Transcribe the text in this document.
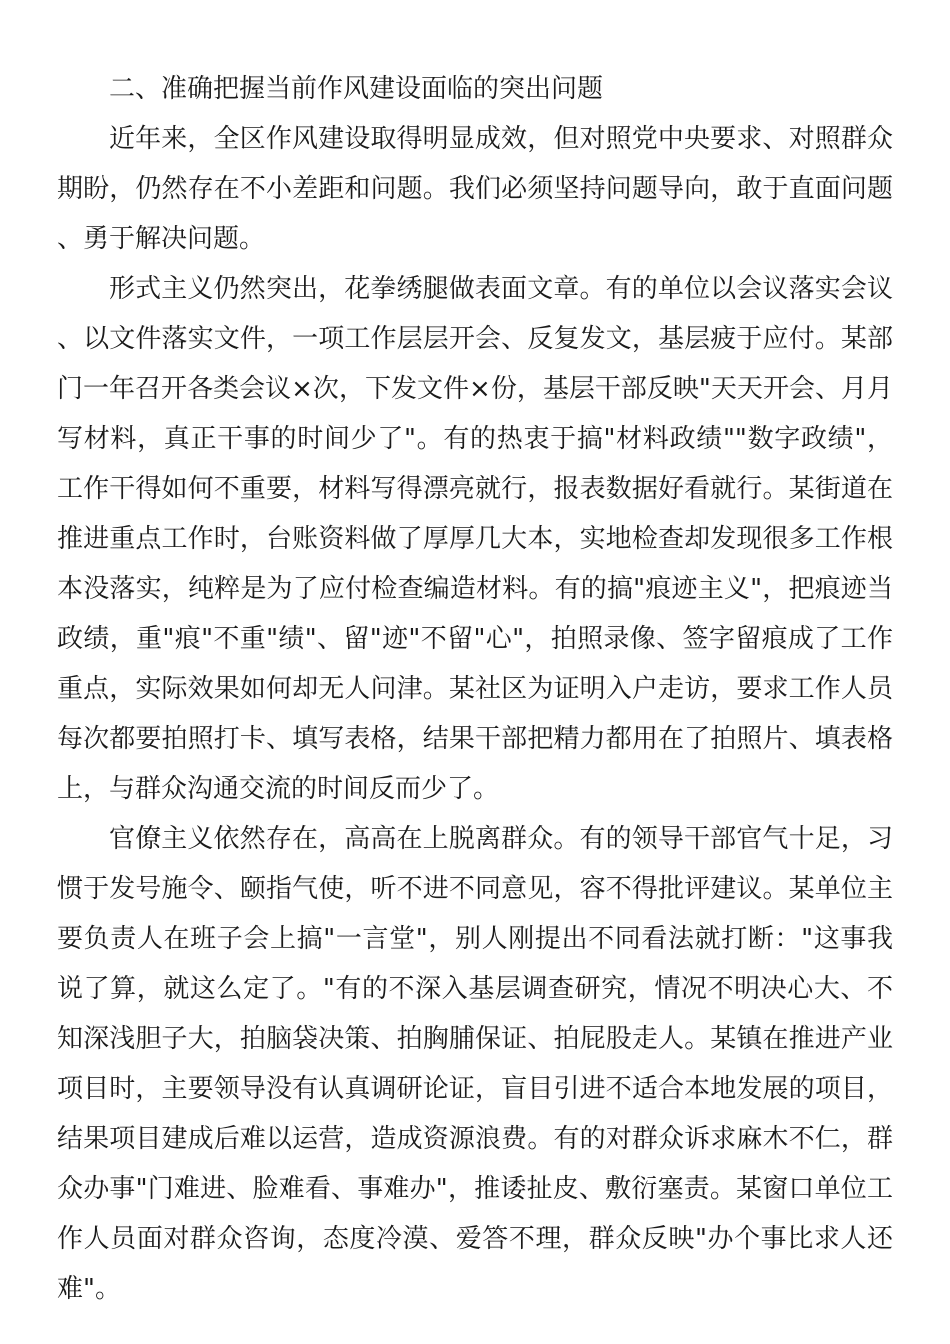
二、准确把握当前作风建设面临的突出问题

近年来，全区作风建设取得明显成效，但对照党中央要求、对照群众期盼，仍然存在不小差距和问题。我们必须坚持问题导向，敢于直面问题、勇于解决问题。

形式主义仍然突出，花拳绣腿做表面文章。有的单位以会议落实会议、以文件落实文件，一项工作层层开会、反复发文，基层疲于应付。某部门一年召开各类会议×次，下发文件×份，基层干部反映"天天开会、月月写材料，真正干事的时间少了"。有的热衷于搞"材料政绩""数字政绩"，工作干得如何不重要，材料写得漂亮就行，报表数据好看就行。某街道在推进重点工作时，台账资料做了厚厚几大本，实地检查却发现很多工作根本没落实，纯粹是为了应付检查编造材料。有的搞"痕迹主义"，把痕迹当政绩，重"痕"不重"绩"、留"迹"不留"心"，拍照录像、签字留痕成了工作重点，实际效果如何却无人问津。某社区为证明入户走访，要求工作人员每次都要拍照打卡、填写表格，结果干部把精力都用在了拍照片、填表格上，与群众沟通交流的时间反而少了。

官僚主义依然存在，高高在上脱离群众。有的领导干部官气十足，习惯于发号施令、颐指气使，听不进不同意见，容不得批评建议。某单位主要负责人在班子会上搞"一言堂"，别人刚提出不同看法就打断："这事我说了算，就这么定了。"有的不深入基层调查研究，情况不明决心大、不知深浅胆子大，拍脑袋决策、拍胸脯保证、拍屁股走人。某镇在推进产业项目时，主要领导没有认真调研论证，盲目引进不适合本地发展的项目，结果项目建成后难以运营，造成资源浪费。有的对群众诉求麻木不仁，群众办事"门难进、脸难看、事难办"，推诿扯皮、敷衍塞责。某窗口单位工作人员面对群众咨询，态度冷漠、爱答不理，群众反映"办个事比求人还难"。
